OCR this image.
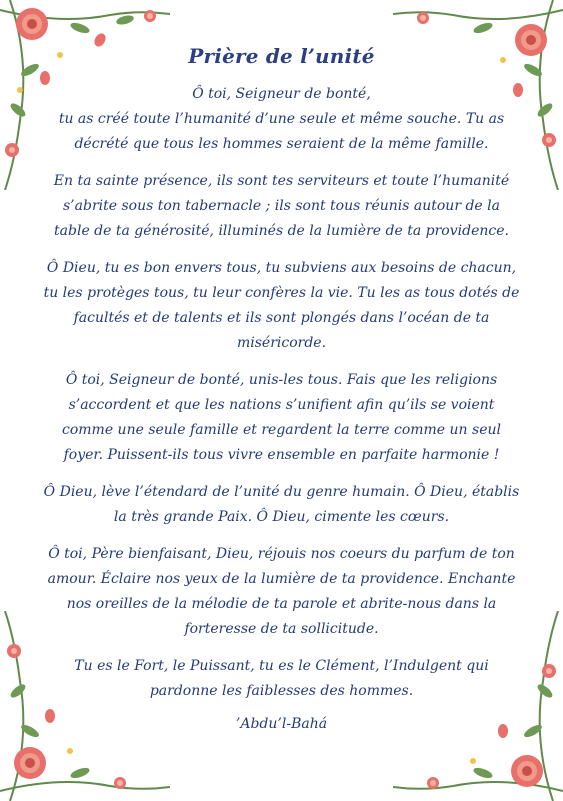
Prière de l’unité

Ô toi, Seigneur de bonté,
tu as créé toute l’humanité d’une seule et même souche. Tu as
décrété que tous les hommes seraient de la même famille.

En ta sainte présence, ils sont tes serviteurs et toute l’humanité
s’abrite sous ton tabernacle ; ils sont tous réunis autour de la
table de ta générosité, illuminés de la lumière de ta providence.

Ô Dieu, tu es bon envers tous, tu subviens aux besoins de chacun,
tu les protèges tous, tu leur confères la vie. Tu les as tous dotés de
facultés et de talents et ils sont plongés dans l’océan de ta
miséricorde.

Ô toi, Seigneur de bonté, unis-les tous. Fais que les religions
s’accordent et que les nations s’unifient afin qu’ils se voient
comme une seule famille et regardent la terre comme un seul
foyer. Puissent-ils tous vivre ensemble en parfaite harmonie !

Ô Dieu, lève l’étendard de l’unité du genre humain. Ô Dieu, établis
la très grande Paix. Ô Dieu, cimente les cœurs.

Ô toi, Père bienfaisant, Dieu, réjouis nos coeurs du parfum de ton
amour. Éclaire nos yeux de la lumière de ta providence. Enchante
nos oreilles de la mélodie de ta parole et abrite-nous dans la
forteresse de ta sollicitude.

Tu es le Fort, le Puissant, tu es le Clément, l’Indulgent qui
pardonne les faiblesses des hommes.

’Abdu’l-Bahá
